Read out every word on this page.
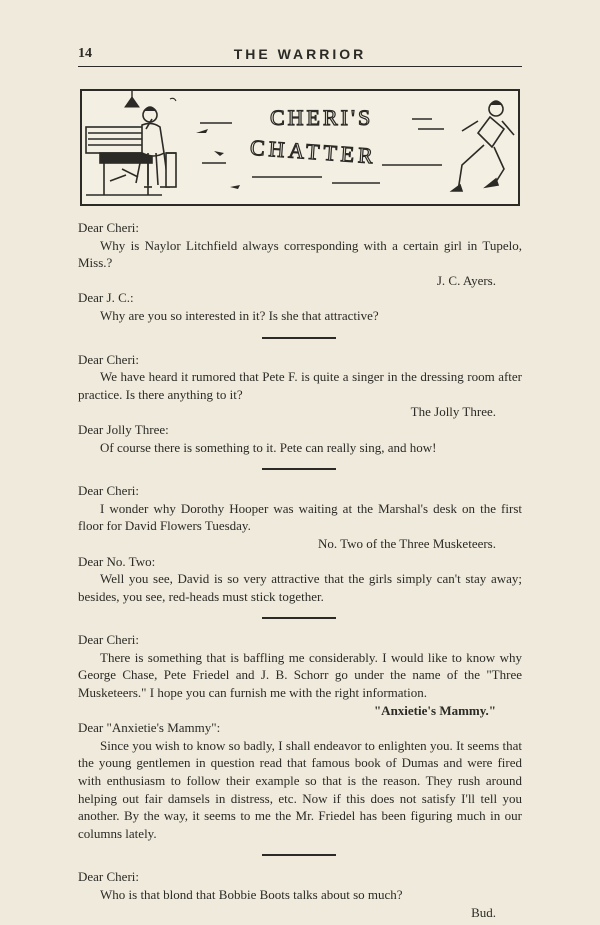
14	THE WARRIOR
CHERI'S
CHATTER

Dear Cheri:

Why is Naylor Litchfield always corresponding with a certain girl in Tupelo, Miss.?

J. C. Ayers.

Dear J. C.:

Why are you so interested in it? Is she that attractive?

Dear Cheri:

We have heard it rumored that Pete F. is quite a singer in the dressing room after practice. Is there anything to it?

The Jolly Three.

Dear Jolly Three:

Of course there is something to it. Pete can really sing, and how!

Dear Cheri:

I wonder why Dorothy Hooper was waiting at the Marshal's desk on the first floor for David Flowers Tuesday.

No. Two of the Three Musketeers.

Dear No. Two:

Well you see, David is so very attractive that the girls simply can't stay away; besides, you see, red-heads must stick together.

Dear Cheri:

There is something that is baffling me considerably. I would like to know why George Chase, Pete Friedel and J. B. Schorr go under the name of the "Three Musketeers." I hope you can furnish me with the right information.

"Anxietie's Mammy."

Dear "Anxietie's Mammy":

Since you wish to know so badly, I shall endeavor to enlighten you. It seems that the young gentlemen in question read that famous book of Dumas and were fired with enthusiasm to follow their example so that is the reason. They rush around helping out fair damsels in distress, etc. Now if this does not satisfy I'll tell you another. By the way, it seems to me the Mr. Friedel has been figuring much in our columns lately.

Dear Cheri:

Who is that blond that Bobbie Boots talks about so much?

Bud.
